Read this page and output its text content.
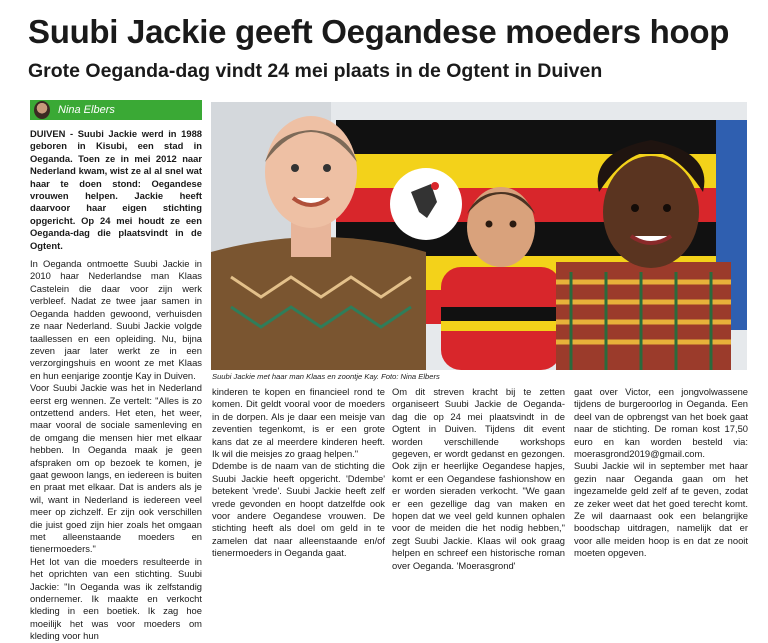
Suubi Jackie geeft Oegandese moeders hoop
Grote Oeganda-dag vindt 24 mei plaats in de Ogtent in Duiven
Nina Elbers

DUIVEN - Suubi Jackie werd in 1988 geboren in Kisubi, een stad in Oeganda. Toen ze in mei 2012 naar Nederland kwam, wist ze al al snel wat haar te doen stond: Oegandese vrouwen helpen. Jackie heeft daarvoor haar eigen stichting opgericht. Op 24 mei houdt ze een Oeganda-dag die plaatsvindt in de Ogtent.

In Oeganda ontmoette Suubi Jackie in 2010 haar Nederlandse man Klaas Castelein die daar voor zijn werk verbleef. Nadat ze twee jaar samen in Oeganda hadden gewoond, verhuisden ze naar Nederland. Suubi Jackie volgde taallessen en een opleiding. Nu, bijna zeven jaar later werkt ze in een verzorgingshuis en woont ze met Klaas en hun eenjarige zoontje Kay in Duiven.

Voor Suubi Jackie was het in Nederland eerst erg wennen. Ze vertelt: "Alles is zo ontzettend anders. Het eten, het weer, maar vooral de sociale samenleving en de omgang die mensen hier met elkaar hebben. In Oeganda maak je geen afspraken om op bezoek te komen, je gaat gewoon langs, en iedereen is buiten en praat met elkaar. Dat is anders als je wil, want in Nederland is iedereen veel meer op zichzelf. Er zijn ook verschillen die juist goed zijn hier zoals het omgaan met alleenstaande moeders en tienermoeders."

Het lot van die moeders resulteerde in het oprichten van een stichting. Suubi Jackie: "In Oeganda was ik zelfstandig ondernemer. Ik maakte en verkocht kleding in een boetiek. Ik zag hoe moeilijk het was voor moeders om kleding voor hun

Suubi Jackie met haar man Klaas en zoontje Kay. Foto: Nina Elbers

kinderen te kopen en financieel rond te komen. Dit geldt vooral voor de moeders in de dorpen. Als je daar een meisje van zeventien tegenkomt, is er een grote kans dat ze al meerdere kinderen heeft. Ik wil die meisjes zo graag helpen."

Ddembe is de naam van de stichting die Suubi Jackie heeft opgericht. 'Ddembe' betekent 'vrede'. Suubi Jackie heeft zelf vrede gevonden en hoopt datzelfde ook voor andere Oegandese vrouwen. De stichting heeft als doel om geld in te zamelen dat naar alleenstaande en/of tienermoeders in Oeganda gaat.

Om dit streven kracht bij te zetten organiseert Suubi Jackie de Oeganda-dag die op 24 mei plaatsvindt in de Ogtent in Duiven. Tijdens dit event worden verschillende workshops gegeven, er wordt gedanst en gezongen. Ook zijn er heerlijke Oegandese hapjes, komt er een Oegandese fashionshow en er worden sieraden verkocht. "We gaan er een gezellige dag van maken en hopen dat we veel geld kunnen ophalen voor de meiden die het nodig hebben," zegt Suubi Jackie. Klaas wil ook graag helpen en schreef een historische roman over Oeganda. 'Moerasgrond'

gaat over Victor, een jongvolwassene tijdens de burgeroorlog in Oeganda. Een deel van de opbrengst van het boek gaat naar de stichting. De roman kost 17,50 euro en kan worden besteld via: moerasgrond2019@gmail.com.

Suubi Jackie wil in september met haar gezin naar Oeganda gaan om het ingezamelde geld zelf af te geven, zodat ze zeker weet dat het goed terecht komt. Ze wil daarnaast ook een belangrijke boodschap uitdragen, namelijk dat er voor alle meiden hoop is en dat ze nooit moeten opgeven.
